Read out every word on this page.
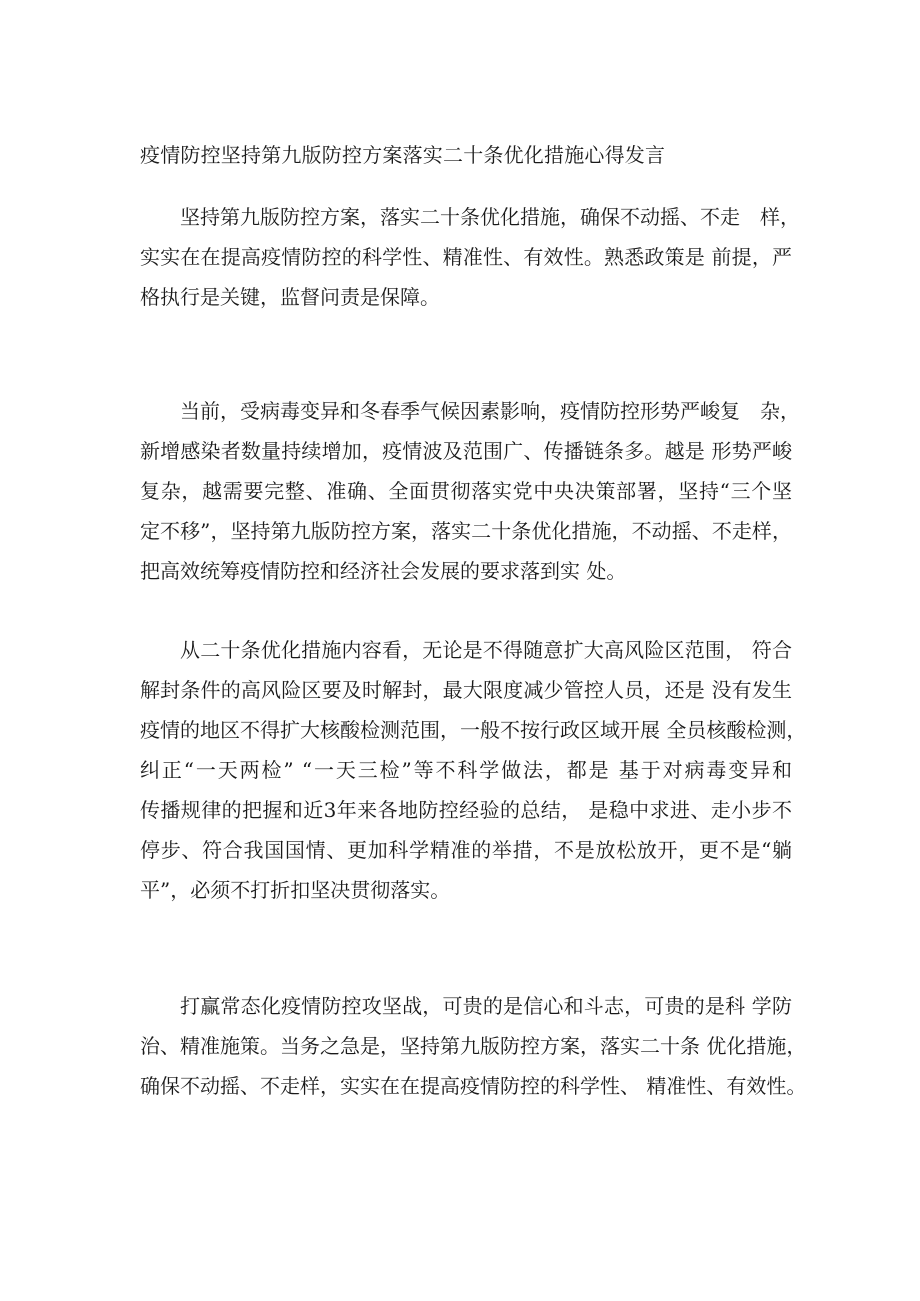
疫情防控坚持第九版防控方案落实二十条优化措施心得发言
坚持第九版防控方案，落实二十条优化措施，确保不动摇、不走　样，
实实在在提高疫情防控的科学性、精准性、有效性。熟悉政策是 前提，严
格执行是关键，监督问责是保障。
当前，受病毒变异和冬春季气候因素影响，疫情防控形势严峻复　杂，
新增感染者数量持续增加，疫情波及范围广、传播链条多。越是 形势严峻
复杂，越需要完整、准确、全面贯彻落实党中央决策部署，坚持“三个坚
定不移”，坚持第九版防控方案，落实二十条优化措施，不动摇、不走样，
把高效统筹疫情防控和经济社会发展的要求落到实 处。
从二十条优化措施内容看，无论是不得随意扩大高风险区范围， 符合
解封条件的高风险区要及时解封，最大限度减少管控人员，还是 没有发生
疫情的地区不得扩大核酸检测范围，一般不按行政区域开展 全员核酸检测，
纠正“一天两检” “一天三检”等不科学做法，都是 基于对病毒变异和
传播规律的把握和近3年来各地防控经验的总结， 是稳中求进、走小步不
停步、符合我国国情、更加科学精准的举措，不是放松放开，更不是“躺
平”，必须不打折扣坚决贯彻落实。
打赢常态化疫情防控攻坚战，可贵的是信心和斗志，可贵的是科 学防
治、精准施策。当务之急是，坚持第九版防控方案，落实二十条 优化措施，
确保不动摇、不走样，实实在在提高疫情防控的科学性、 精准性、有效性。
